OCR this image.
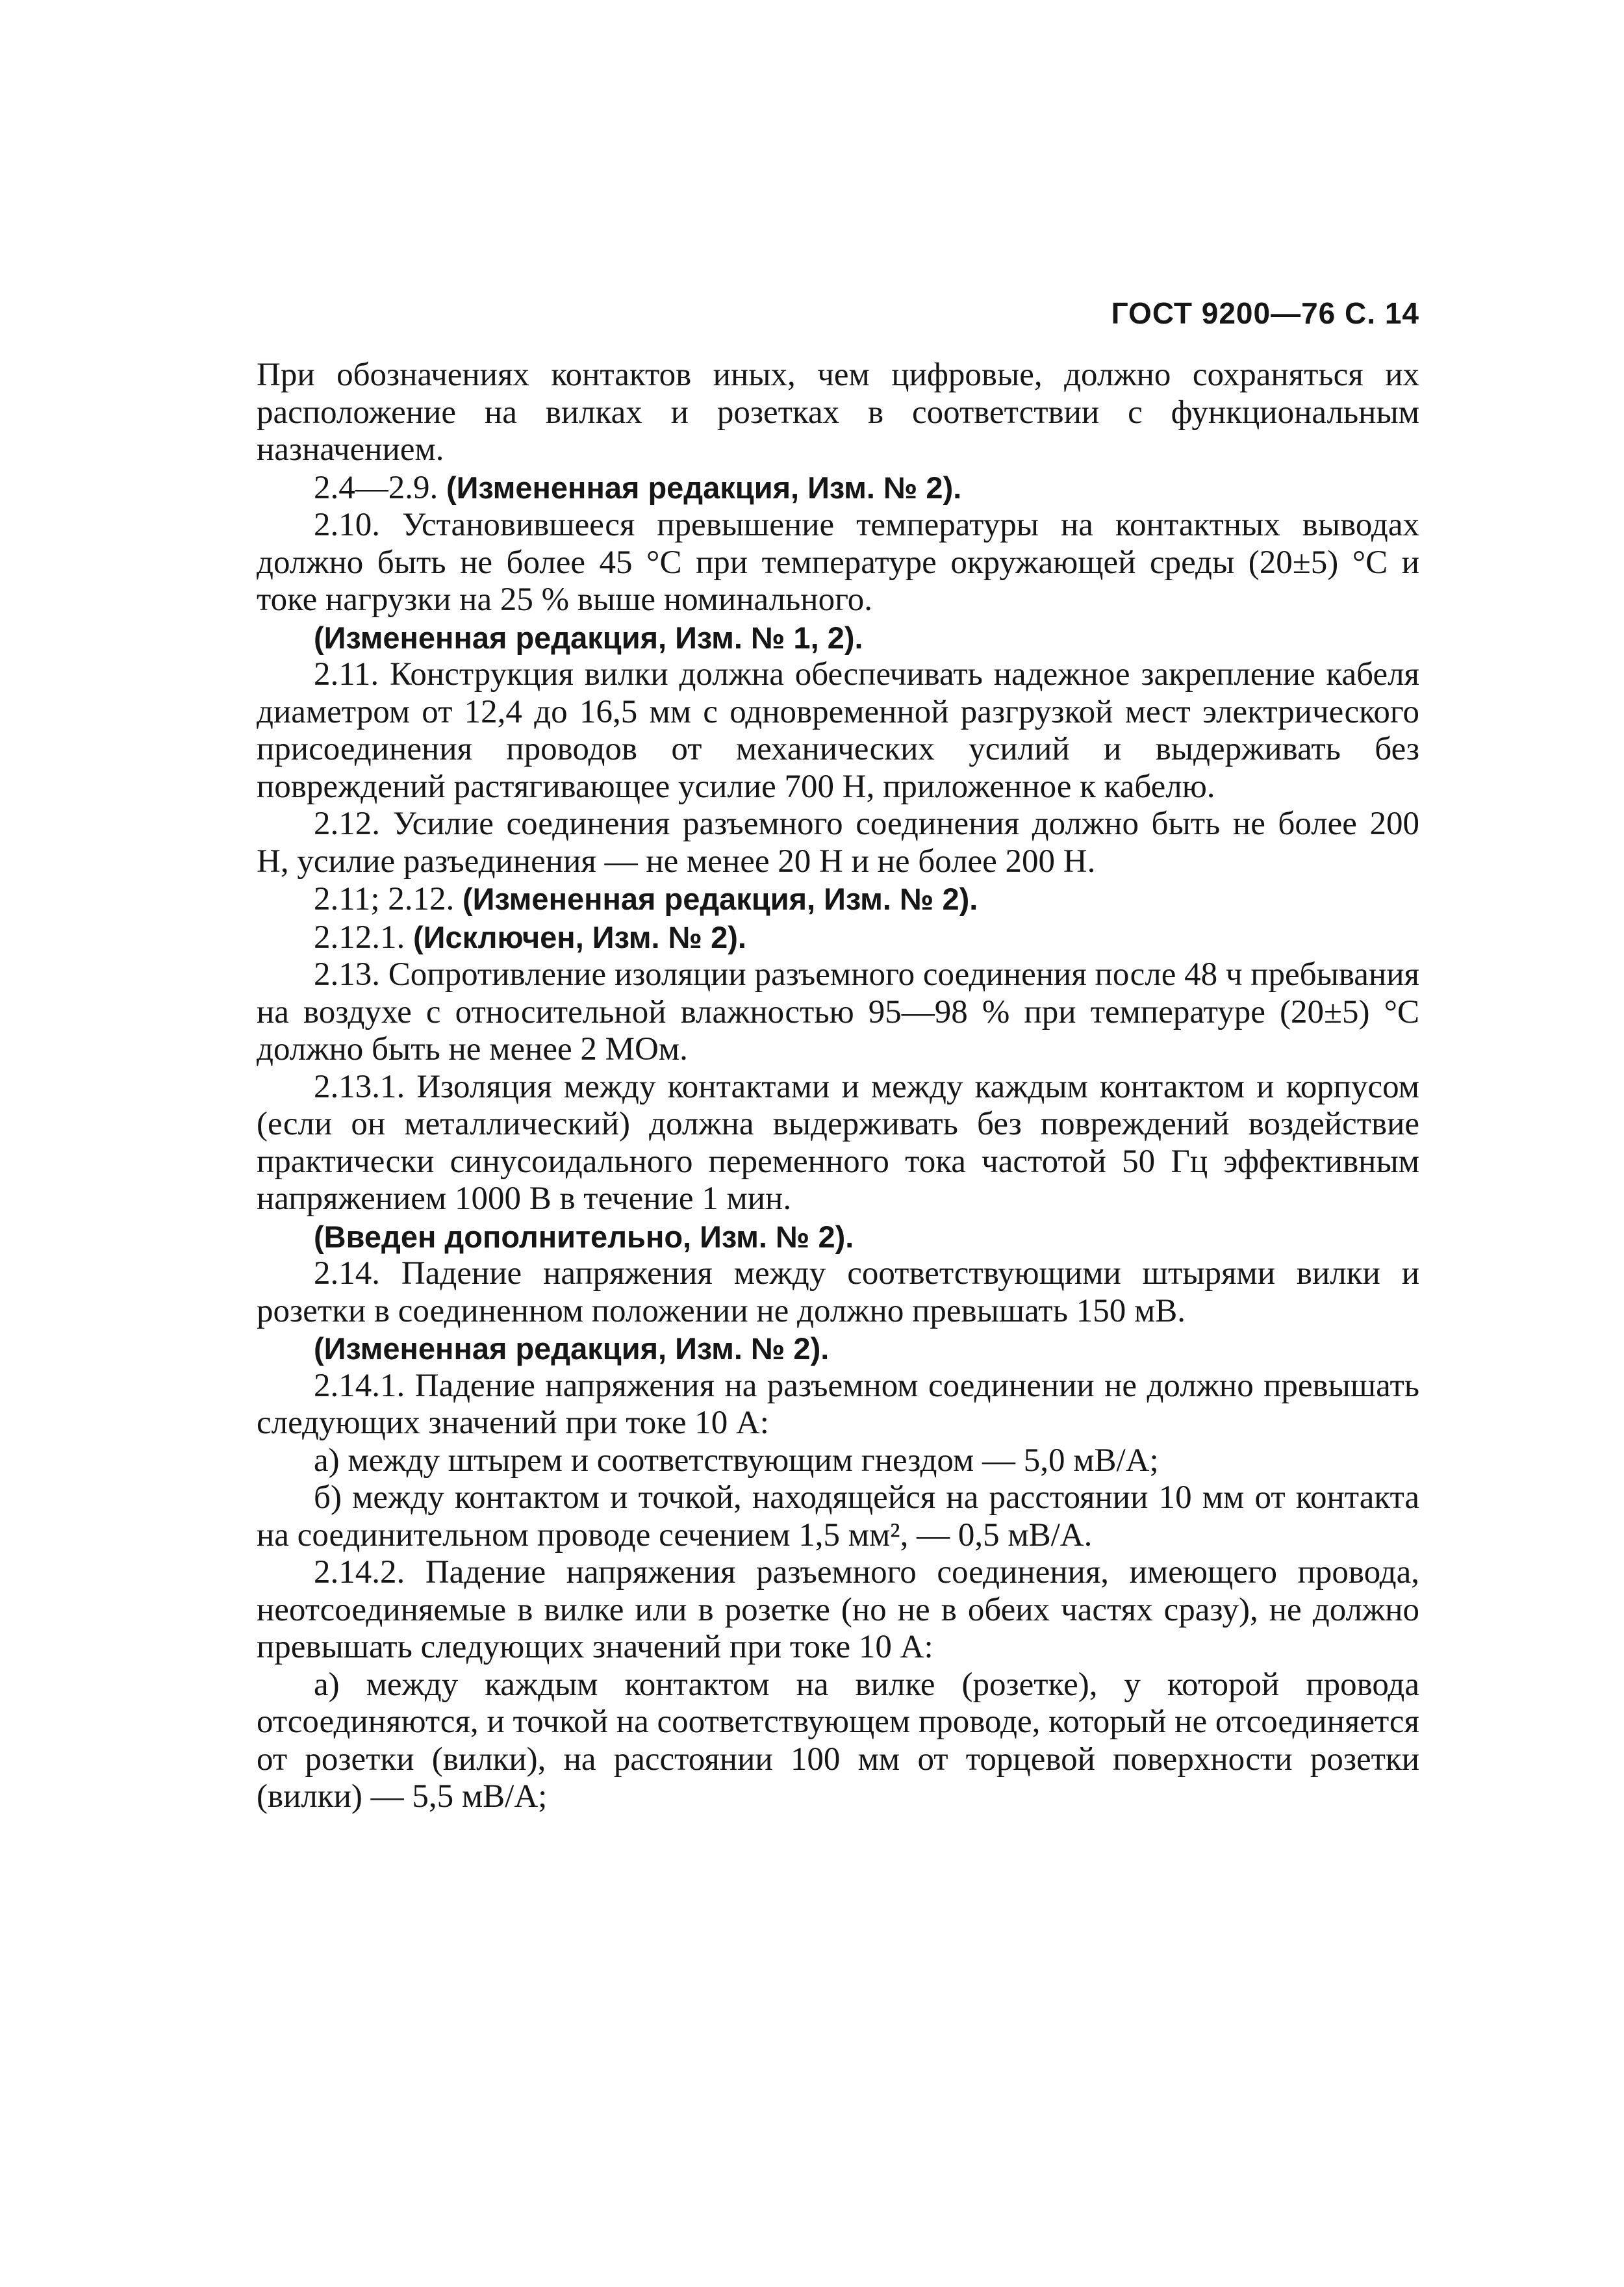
ГОСТ 9200—76 С. 14

При обозначениях контактов иных, чем цифровые, должно сохраняться их расположение на вилках и розетках в соответствии с функциональным назначением.

2.4—2.9. (Измененная редакция, Изм. № 2).

2.10. Установившееся превышение температуры на контактных выводах должно быть не более 45 °С при температуре окружающей среды (20±5) °С и токе нагрузки на 25 % выше номинального.

(Измененная редакция, Изм. № 1, 2).

2.11. Конструкция вилки должна обеспечивать надежное закрепление кабеля диаметром от 12,4 до 16,5 мм с одновременной разгрузкой мест электрического присоединения проводов от механических усилий и выдерживать без повреждений растягивающее усилие 700 Н, приложенное к кабелю.

2.12. Усилие соединения разъемного соединения должно быть не более 200 Н, усилие разъединения — не менее 20 Н и не более 200 Н.

2.11; 2.12. (Измененная редакция, Изм. № 2).

2.12.1. (Исключен, Изм. № 2).

2.13. Сопротивление изоляции разъемного соединения после 48 ч пребывания на воздухе с относительной влажностью 95—98 % при температуре (20±5) °С должно быть не менее 2 МОм.

2.13.1. Изоляция между контактами и между каждым контактом и корпусом (если он металлический) должна выдерживать без повреждений воздействие практически синусоидального переменного тока частотой 50 Гц эффективным напряжением 1000 В в течение 1 мин.

(Введен дополнительно, Изм. № 2).

2.14. Падение напряжения между соответствующими штырями вилки и розетки в соединенном положении не должно превышать 150 мВ.

(Измененная редакция, Изм. № 2).

2.14.1. Падение напряжения на разъемном соединении не должно превышать следующих значений при токе 10 А:

а) между штырем и соответствующим гнездом — 5,0 мВ/А;

б) между контактом и точкой, находящейся на расстоянии 10 мм от контакта на соединительном проводе сечением 1,5 мм², — 0,5 мВ/А.

2.14.2. Падение напряжения разъемного соединения, имеющего провода, неотсоединяемые в вилке или в розетке (но не в обеих частях сразу), не должно превышать следующих значений при токе 10 А:

а) между каждым контактом на вилке (розетке), у которой провода отсоединяются, и точкой на соответствующем проводе, который не отсоединяется от розетки (вилки), на расстоянии 100 мм от торцевой поверхности розетки (вилки) — 5,5 мВ/А;
